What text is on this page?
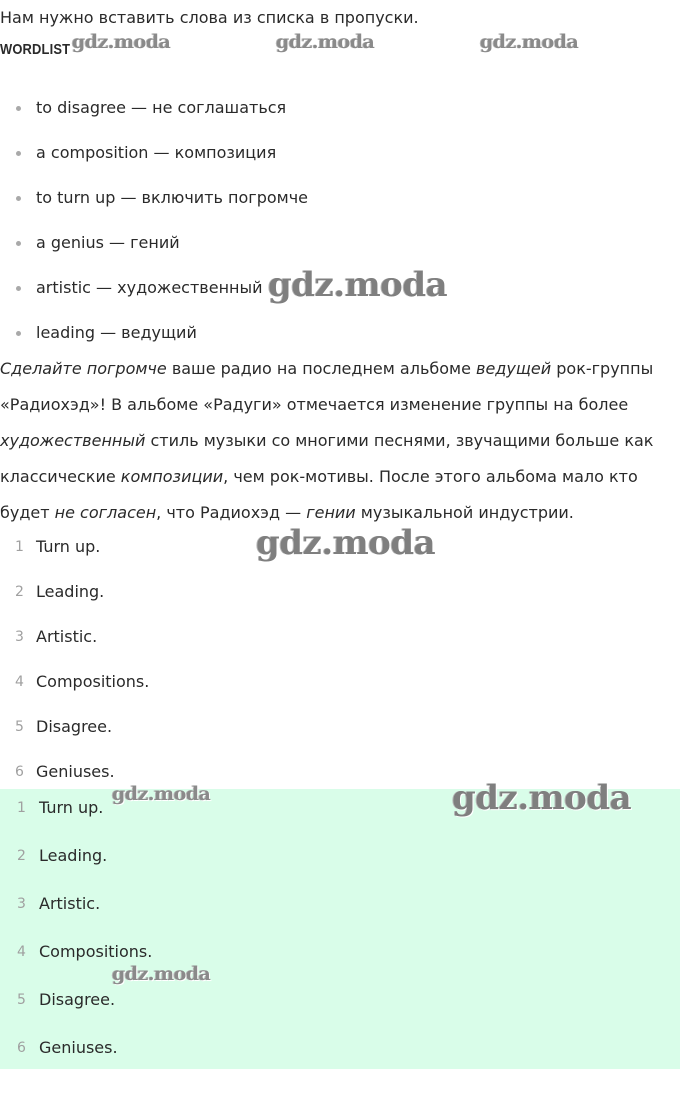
Нам нужно вставить слова из списка в пропуски.

WORDLIST

to disagree — не соглашаться
a composition — композиция
to turn up — включить погромче
a genius — гений
artistic — художественный
leading — ведущий

Сделайте погромче ваше радио на последнем альбоме ведущей рок-группы «Радиохэд»! В альбоме «Радуги» отмечается изменение группы на более художественный стиль музыки со многими песнями, звучащими больше как классические композиции, чем рок-мотивы. После этого альбома мало кто будет не согласен, что Радиохэд — гении музыкальной индустрии.

1 Turn up.
2 Leading.
3 Artistic.
4 Compositions.
5 Disagree.
6 Geniuses.
1 Turn up.
2 Leading.
3 Artistic.
4 Compositions.
5 Disagree.
6 Geniuses.
gdz.moda	gdz.moda	gdz.moda
gdz.moda
gdz.moda
gdz.moda	gdz.moda
gdz.moda
